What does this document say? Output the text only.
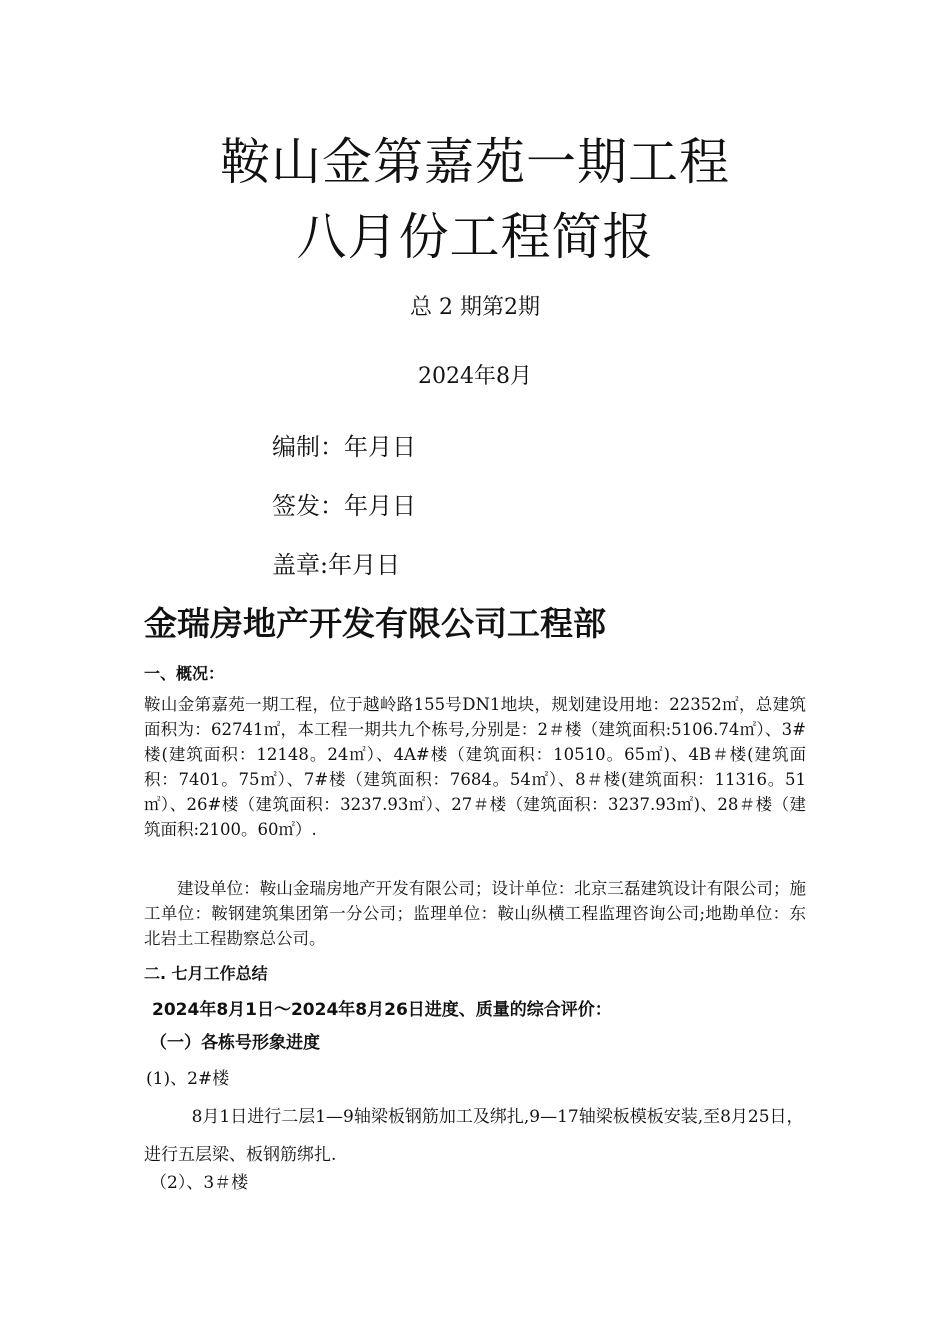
鞍山金第嘉苑一期工程
八月份工程简报
总 2 期第2期
2024年8月
编制：年月日
签发：年月日
盖章:年月日
金瑞房地产开发有限公司工程部
一、概况：
鞍山金第嘉苑一期工程，位于越岭路155号DN1地块，规划建设用地：22352㎡，总建筑面积为：62741㎡，本工程一期共九个栋号,分别是：2＃楼（建筑面积:5106.74㎡）、3#楼(建筑面积：12148。24㎡）、4A#楼（建筑面积：10510。65㎡)、4B＃楼(建筑面积：7401。75㎡）、7#楼（建筑面积：7684。54㎡）、8＃楼(建筑面积：11316。51㎡）、26#楼（建筑面积：3237.93㎡）、27＃楼（建筑面积：3237.93㎡)、28＃楼（建筑面积:2100。60㎡）.
建设单位：鞍山金瑞房地产开发有限公司；设计单位：北京三磊建筑设计有限公司；施工单位：鞍钢建筑集团第一分公司；监理单位：鞍山纵横工程监理咨询公司;地勘单位：东北岩土工程勘察总公司。
二. 七月工作总结
2024年8月1日～2024年8月26日进度、质量的综合评价：
（一）各栋号形象进度
(1)、2#楼
8月1日进行二层1—9轴梁板钢筋加工及绑扎,9—17轴梁板模板安装,至8月25日，进行五层梁、板钢筋绑扎.
（2）、3＃楼
